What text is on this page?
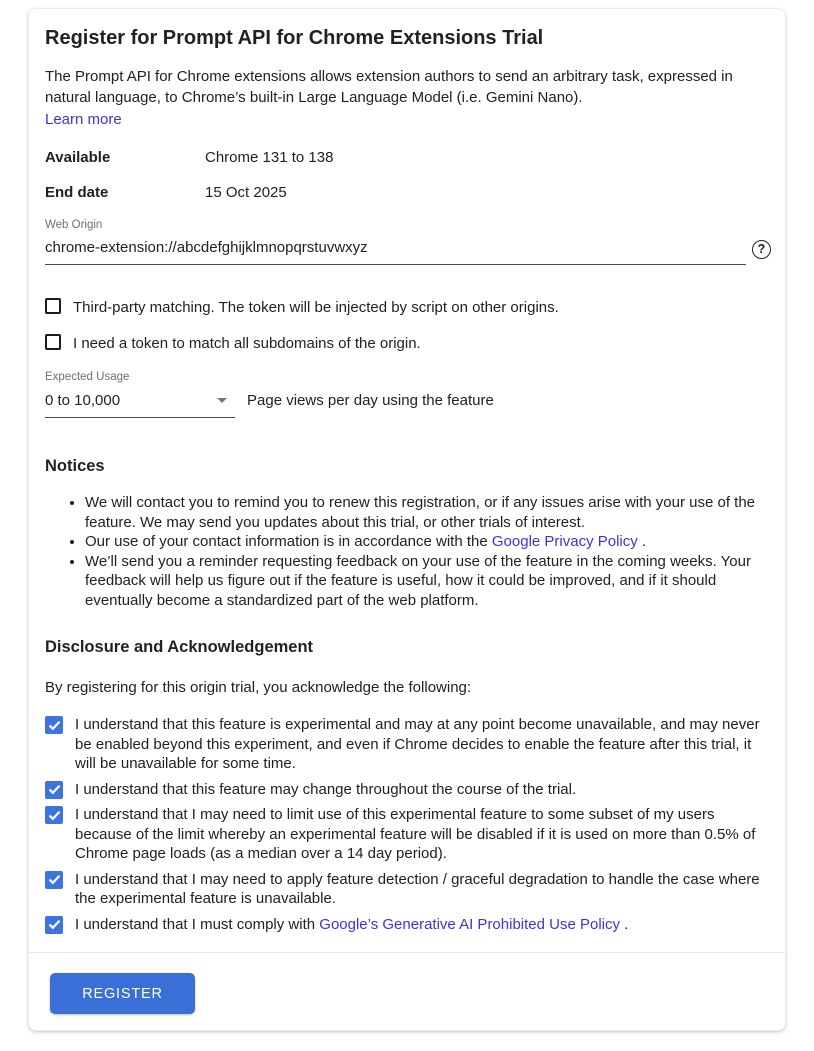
Register for Prompt API for Chrome Extensions Trial

The Prompt API for Chrome extensions allows extension authors to send an arbitrary task, expressed in natural language, to Chrome’s built-in Large Language Model (i.e. Gemini Nano).

Learn more
Available	Chrome 131 to 138
End date	15 Oct 2025
Web Origin
chrome-extension://abcdefghijklmnopqrstuvwxyz
?
Third-party matching. The token will be injected by script on other origins.
I need a token to match all subdomains of the origin.
Expected Usage
0 to 10,000	Page views per day using the feature
Notices
• We will contact you to remind you to renew this registration, or if any issues arise with your use of the feature. We may send you updates about this trial, or other trials of interest.
• Our use of your contact information is in accordance with the Google Privacy Policy .
• We’ll send you a reminder requesting feedback on your use of the feature in the coming weeks. Your feedback will help us figure out if the feature is useful, how it could be improved, and if it should eventually become a standardized part of the web platform.
Disclosure and Acknowledgement

By registering for this origin trial, you acknowledge the following:

I understand that this feature is experimental and may at any point become unavailable, and may never be enabled beyond this experiment, and even if Chrome decides to enable the feature after this trial, it will be unavailable for some time.
I understand that this feature may change throughout the course of the trial.
I understand that I may need to limit use of this experimental feature to some subset of my users because of the limit whereby an experimental feature will be disabled if it is used on more than 0.5% of Chrome page loads (as a median over a 14 day period).
I understand that I may need to apply feature detection / graceful degradation to handle the case where the experimental feature is unavailable.
I understand that I must comply with Google’s Generative AI Prohibited Use Policy .
REGISTER
